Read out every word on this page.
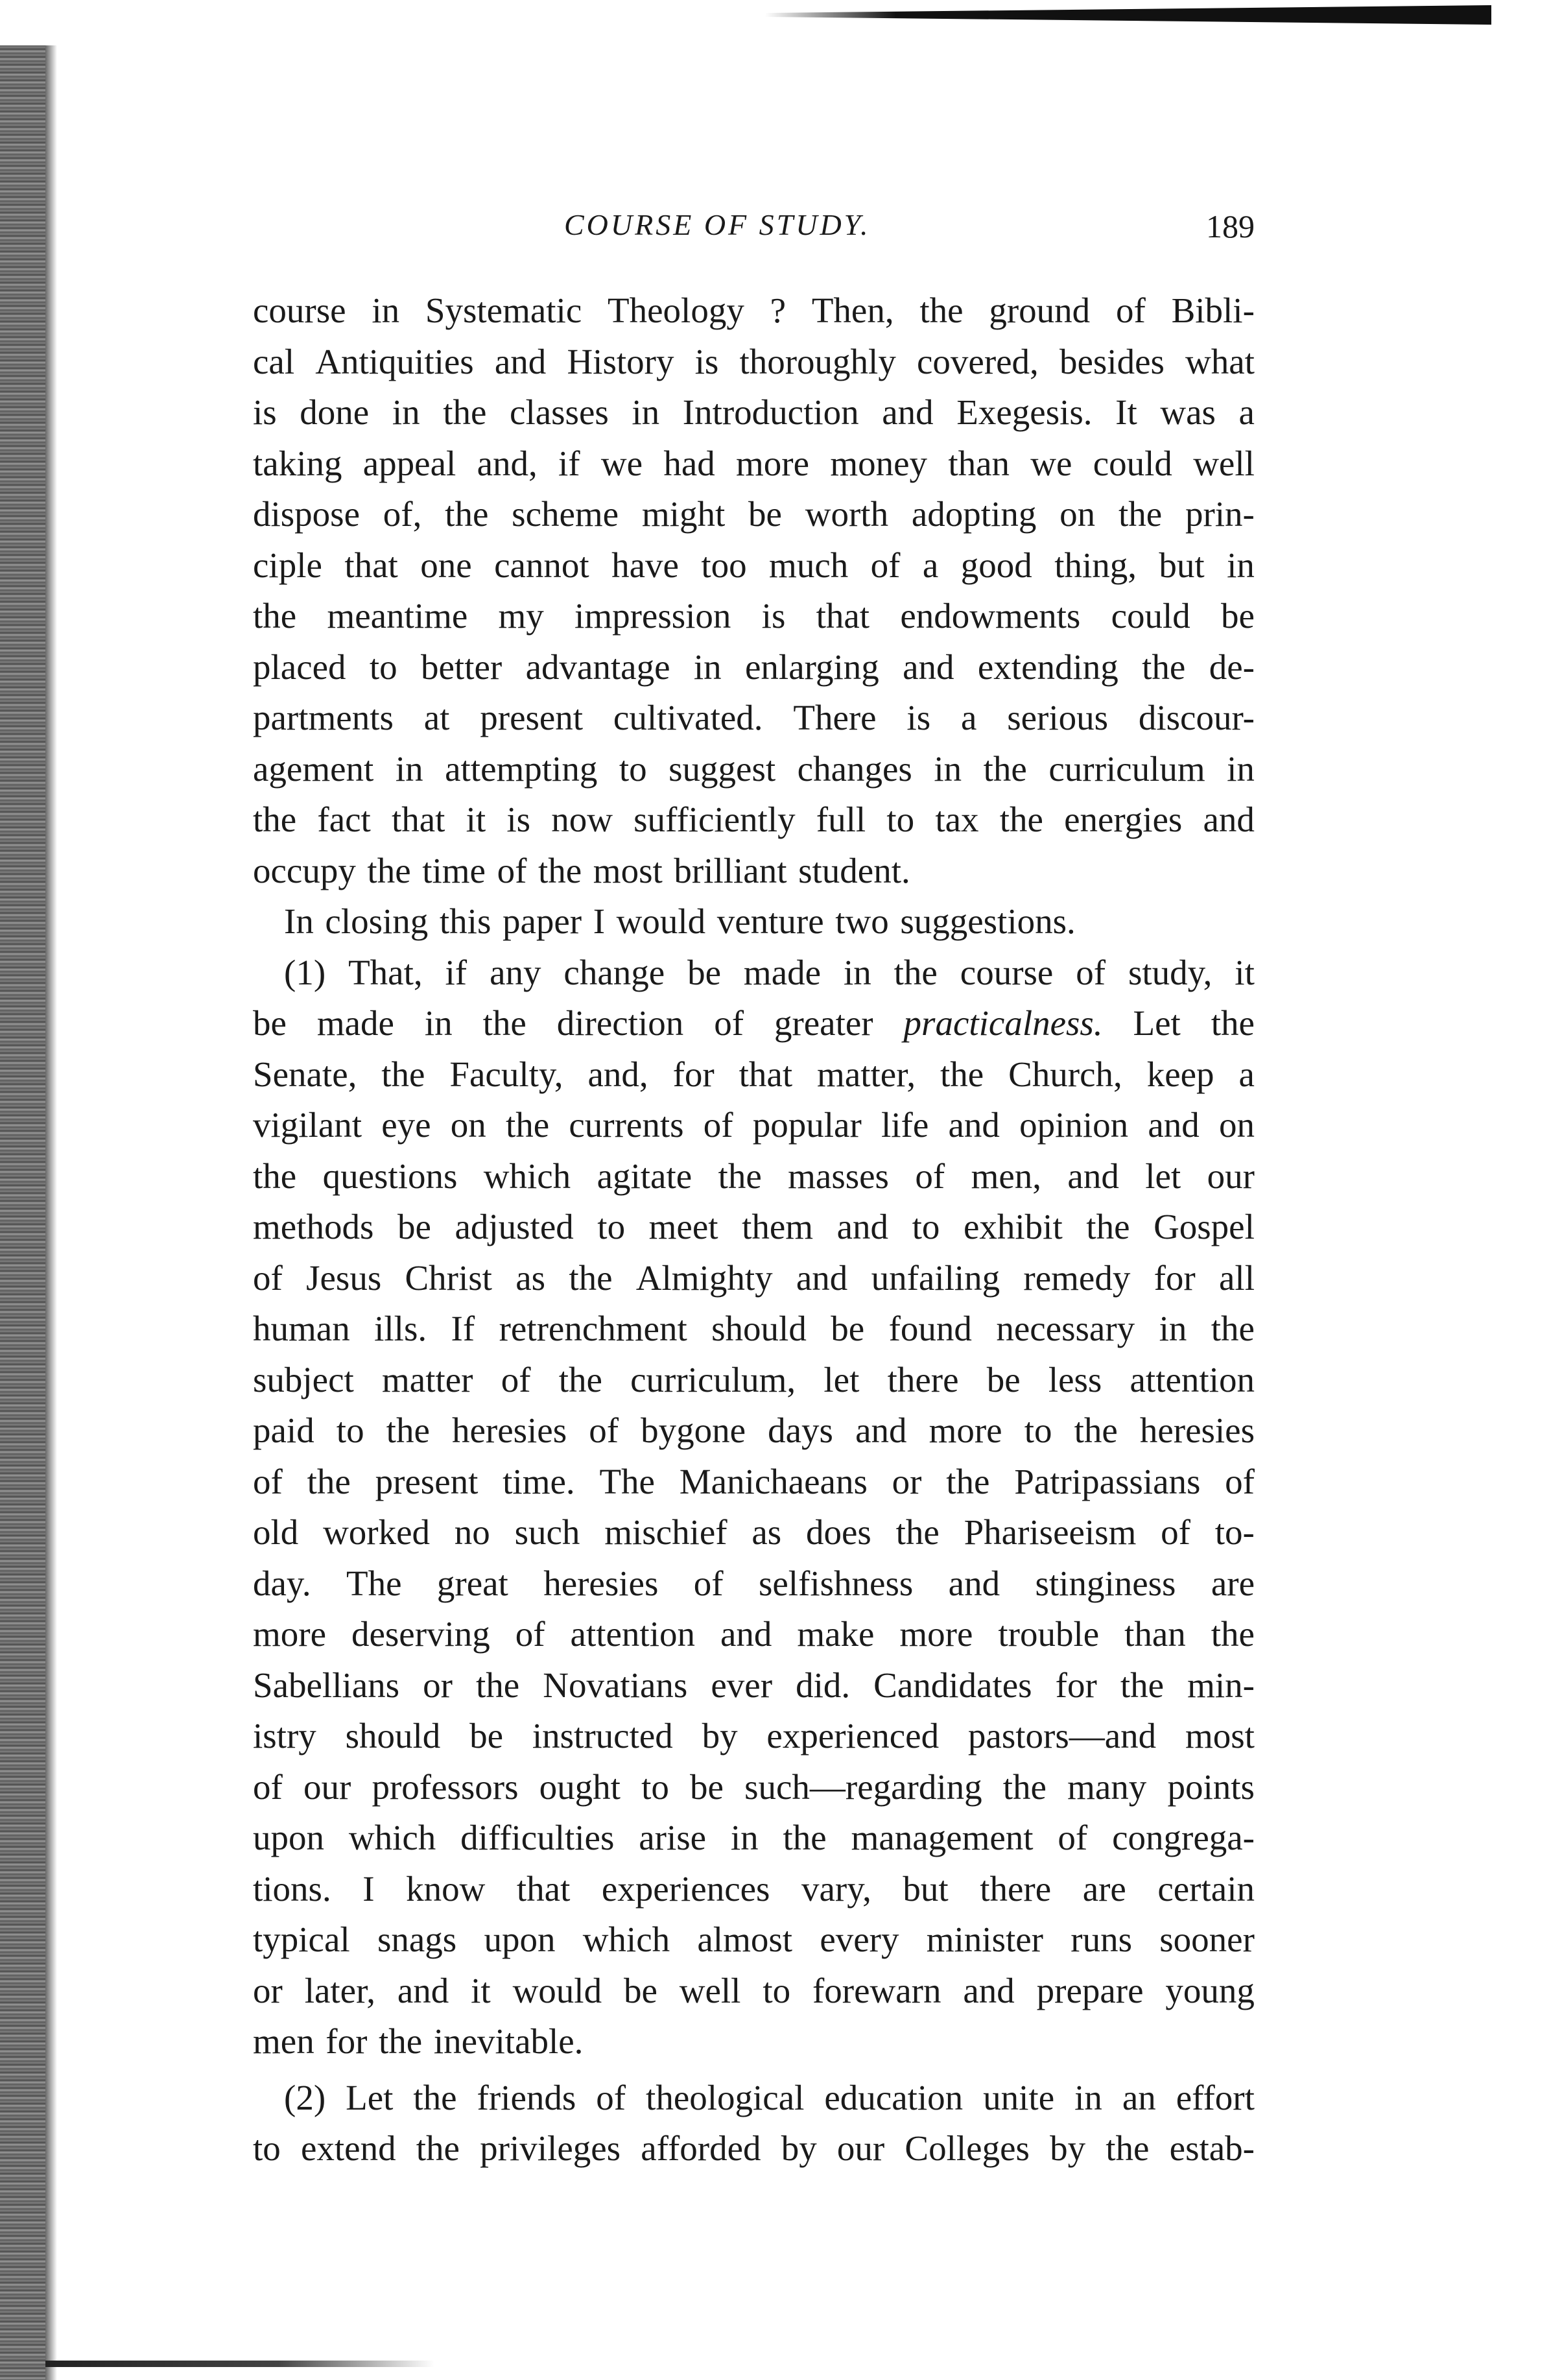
COURSE OF STUDY.	189
course in Systematic Theology ? Then, the ground of Bibli-
cal Antiquities and History is thoroughly covered, besides what
is done in the classes in Introduction and Exegesis. It was a
taking appeal and, if we had more money than we could well
dispose of, the scheme might be worth adopting on the prin-
ciple that one cannot have too much of a good thing, but in
the meantime my impression is that endowments could be
placed to better advantage in enlarging and extending the de-
partments at present cultivated. There is a serious discour-
agement in attempting to suggest changes in the curriculum in
the fact that it is now sufficiently full to tax the energies and
occupy the time of the most brilliant student.
In closing this paper I would venture two suggestions.
(1) That, if any change be made in the course of study, it
be made in the direction of greater practicalness. Let the
Senate, the Faculty, and, for that matter, the Church, keep a
vigilant eye on the currents of popular life and opinion and on
the questions which agitate the masses of men, and let our
methods be adjusted to meet them and to exhibit the Gospel
of Jesus Christ as the Almighty and unfailing remedy for all
human ills. If retrenchment should be found necessary in the
subject matter of the curriculum, let there be less attention
paid to the heresies of bygone days and more to the heresies
of the present time. The Manichaeans or the Patripassians of
old worked no such mischief as does the Phariseeism of to-
day. The great heresies of selfishness and stinginess are
more deserving of attention and make more trouble than the
Sabellians or the Novatians ever did. Candidates for the min-
istry should be instructed by experienced pastors—and most
of our professors ought to be such—regarding the many points
upon which difficulties arise in the management of congrega-
tions. I know that experiences vary, but there are certain
typical snags upon which almost every minister runs sooner
or later, and it would be well to forewarn and prepare young
men for the inevitable.
(2) Let the friends of theological education unite in an effort
to extend the privileges afforded by our Colleges by the estab-
